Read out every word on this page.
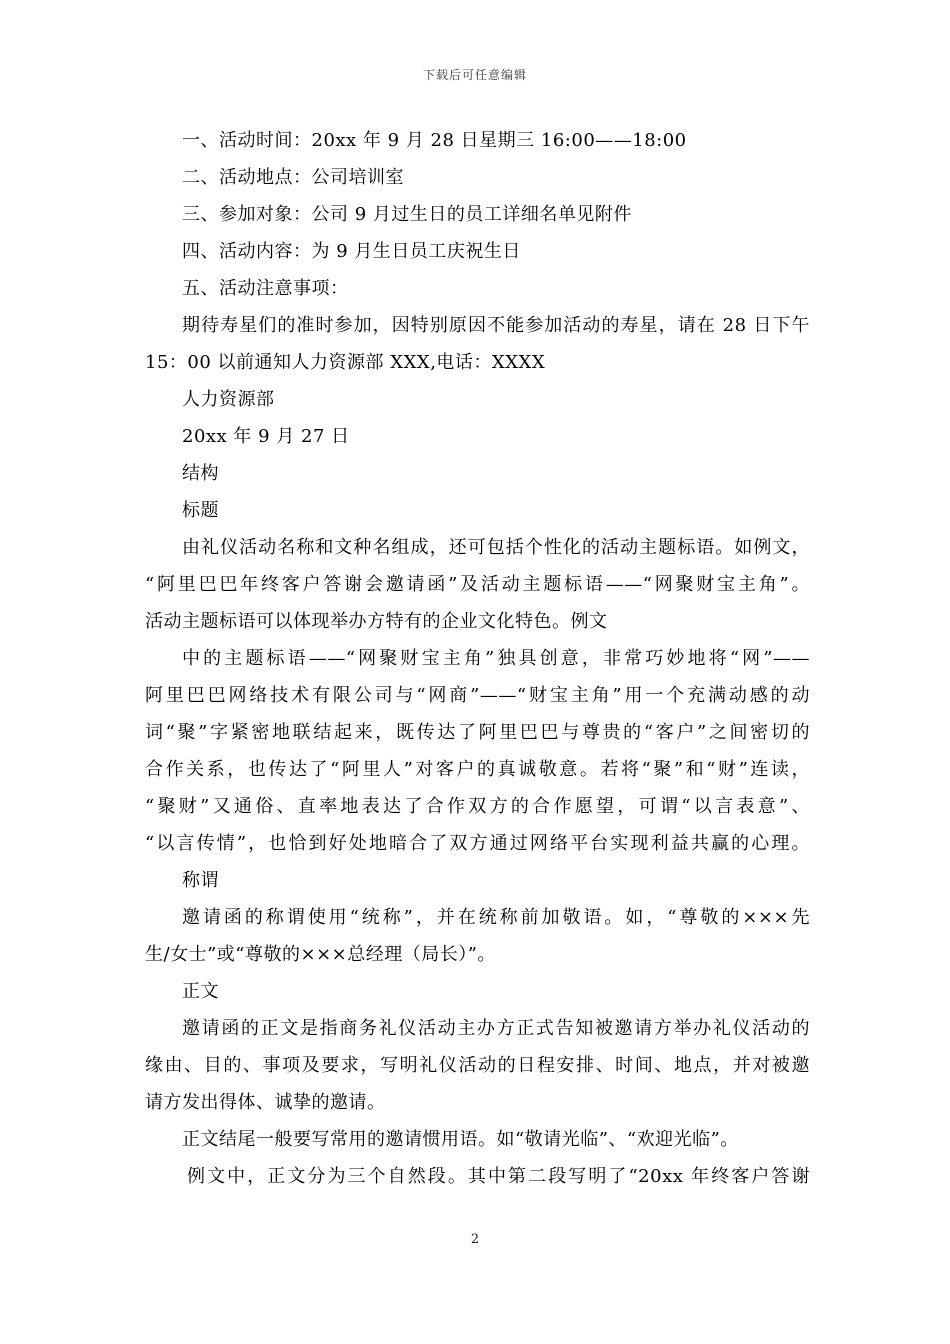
下载后可任意编辑
一、活动时间：20xx 年 9 月 28 日星期三 16:00——18:00
二、活动地点：公司培训室
三、参加对象：公司 9 月过生日的员工详细名单见附件
四、活动内容：为 9 月生日员工庆祝生日
五、活动注意事项：
期待寿星们的准时参加，因特别原因不能参加活动的寿星，请在 28 日下午
15：00 以前通知人力资源部 XXX,电话：XXXX
人力资源部
20xx 年 9 月 27 日
结构
标题
由礼仪活动名称和文种名组成，还可包括个性化的活动主题标语。如例文，
“阿里巴巴年终客户答谢会邀请函”及活动主题标语——“网聚财宝主角”。
活动主题标语可以体现举办方特有的企业文化特色。例文
中的主题标语——“网聚财宝主角”独具创意，非常巧妙地将“网”——
阿里巴巴网络技术有限公司与“网商”——“财宝主角”用一个充满动感的动
词“聚”字紧密地联结起来，既传达了阿里巴巴与尊贵的“客户”之间密切的
合作关系，也传达了“阿里人”对客户的真诚敬意。若将“聚”和“财”连读，
“聚财”又通俗、直率地表达了合作双方的合作愿望，可谓“以言表意”、
“以言传情”，也恰到好处地暗合了双方通过网络平台实现利益共赢的心理。
称谓
邀请函的称谓使用“统称”，并在统称前加敬语。如，“尊敬的×××先
生/女士”或“尊敬的×××总经理（局长）”。
正文
邀请函的正文是指商务礼仪活动主办方正式告知被邀请方举办礼仪活动的
缘由、目的、事项及要求，写明礼仪活动的日程安排、时间、地点，并对被邀
请方发出得体、诚挚的邀请。
正文结尾一般要写常用的邀请惯用语。如“敬请光临”、“欢迎光临”。
例文中，正文分为三个自然段。其中第二段写明了“20xx 年终客户答谢
2
